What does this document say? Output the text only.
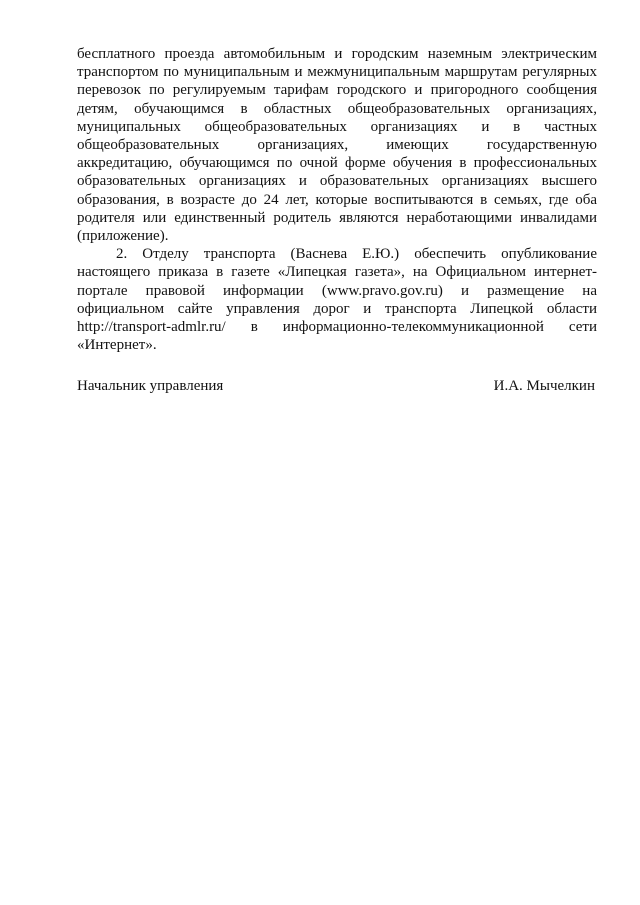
бесплатного проезда автомобильным и городским наземным электрическим
транспортом по муниципальным и межмуниципальным маршрутам регулярных
перевозок по регулируемым тарифам городского и пригородного сообщения
детям, обучающимся в областных общеобразовательных организациях,
муниципальных общеобразовательных организациях и в частных
общеобразовательных организациях, имеющих государственную
аккредитацию, обучающимся по очной форме обучения в профессиональных
образовательных организациях и образовательных организациях высшего
образования, в возрасте до 24 лет, которые воспитываются в семьях, где оба
родителя или единственный родитель являются неработающими инвалидами
(приложение).
2. Отделу транспорта (Васнева Е.Ю.) обеспечить опубликование
настоящего приказа в газете «Липецкая газета», на Официальном интернет-
портале правовой информации (www.pravo.gov.ru) и размещение на
официальном сайте управления дорог и транспорта Липецкой области
http://transport-admlr.ru/ в информационно-телекоммуникационной сети
«Интернет».
Начальник управления	И.А. Мычелкин
